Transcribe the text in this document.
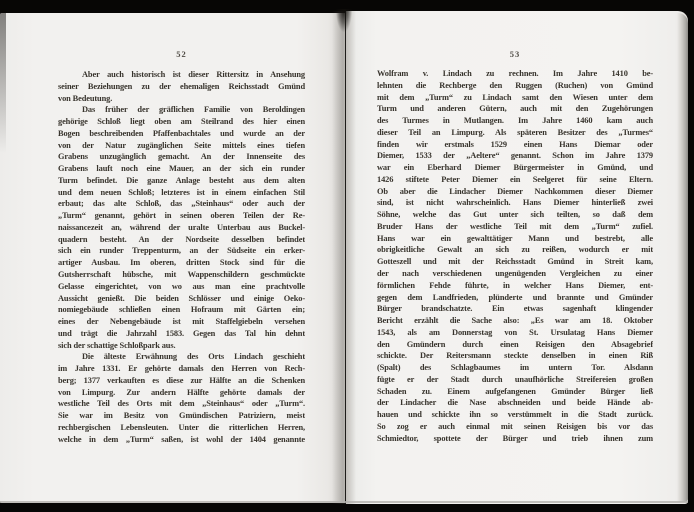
52
Aber auch historisch ist dieser Rittersitz in Ansehung
seiner Beziehungen zu der ehemaligen Reichsstadt Gmünd
von Bedeutung.
Das früher der gräflichen Familie von Beroldingen
gehörige Schloß liegt oben am Steilrand des hier einen
Bogen beschreibenden Pfaffenbachtales und wurde an der
von der Natur zugänglichen Seite mittels eines tiefen
Grabens unzugänglich gemacht. An der Innenseite des
Grabens lauft noch eine Mauer, an der sich ein runder
Turm befindet. Die ganze Anlage besteht aus dem alten
und dem neuen Schloß; letzteres ist in einem einfachen Stil
erbaut; das alte Schloß, das „Steinhaus“ oder auch der
„Turm“ genannt, gehört in seinen oberen Teilen der Re-
naissancezeit an, während der uralte Unterbau aus Buckel-
quadern besteht. An der Nordseite desselben befindet
sich ein runder Treppenturm, an der Südseite ein erker-
artiger Ausbau. Im oberen, dritten Stock sind für die
Gutsherrschaft hübsche, mit Wappenschildern geschmückte
Gelasse eingerichtet, von wo aus man eine prachtvolle
Aussicht genießt. Die beiden Schlösser und einige Oeko-
nomiegebäude schließen einen Hofraum mit Gärten ein;
eines der Nebengebäude ist mit Staffelgiebeln versehen
und trägt die Jahrzahl 1583. Gegen das Tal hin dehnt
sich der schattige Schloßpark aus.
Die älteste Erwähnung des Orts Lindach geschieht
im Jahre 1331. Er gehörte damals den Herren von Rech-
berg; 1377 verkauften es diese zur Hälfte an die Schenken
von Limpurg. Zur andern Hälfte gehörte damals der
westliche Teil des Orts mit dem „Steinhaus“ oder „Turm“.
Sie war im Besitz von Gmündischen Patriziern, meist
rechbergischen Lebensleuten. Unter die ritterlichen Herren,
welche in dem „Turm“ saßen, ist wohl der 1404 genannte
53
Wolfram v. Lindach zu rechnen. Im Jahre 1410 be-
lehnten die Rechberge den Ruggen (Ruchen) von Gmünd
mit dem „Turm“ zu Lindach samt den Wiesen unter dem
Turm und anderen Gütern, auch mit den Zugehörungen
des Turmes in Mutlangen. Im Jahre 1460 kam auch
dieser Teil an Limpurg. Als späteren Besitzer des „Turmes“
finden wir erstmals 1529 einen Hans Diemar oder
Diemer, 1533 der „Aeltere“ genannt. Schon im Jahre 1379
war ein Eberhard Diemer Bürgermeister in Gmünd, und
1426 stiftete Peter Diemer ein Seelgeret für seine Eltern.
Ob aber die Lindacher Diemer Nachkommen dieser Diemer
sind, ist nicht wahrscheinlich. Hans Diemer hinterließ zwei
Söhne, welche das Gut unter sich teilten, so daß dem
Bruder Hans der westliche Teil mit dem „Turm“ zufiel.
Hans war ein gewalttätiger Mann und bestrebt, alle
obrigkeitliche Gewalt an sich zu reißen, wodurch er mit
Gotteszell und mit der Reichsstadt Gmünd in Streit kam,
der nach verschiedenen ungenügenden Vergleichen zu einer
förmlichen Fehde führte, in welcher Hans Diemer, ent-
gegen dem Landfrieden, plünderte und brannte und Gmünder
Bürger brandschatzte. Ein etwas sagenhaft klingender
Bericht erzählt die Sache also: „Es war am 18. Oktober
1543, als am Donnerstag von St. Ursulatag Hans Diemer
den Gmündern durch einen Reisigen den Absagebrief
schickte. Der Reitersmann steckte denselben in einen Riß
(Spalt) des Schlagbaumes im untern Tor. Alsdann
fügte er der Stadt durch unaufhörliche Streifereien großen
Schaden zu. Einem aufgefangenen Gmünder Bürger ließ
der Lindacher die Nase abschneiden und beide Hände ab-
hauen und schickte ihn so verstümmelt in die Stadt zurück.
So zog er auch einmal mit seinen Reisigen bis vor das
Schmiedtor, spottete der Bürger und trieb ihnen zum
